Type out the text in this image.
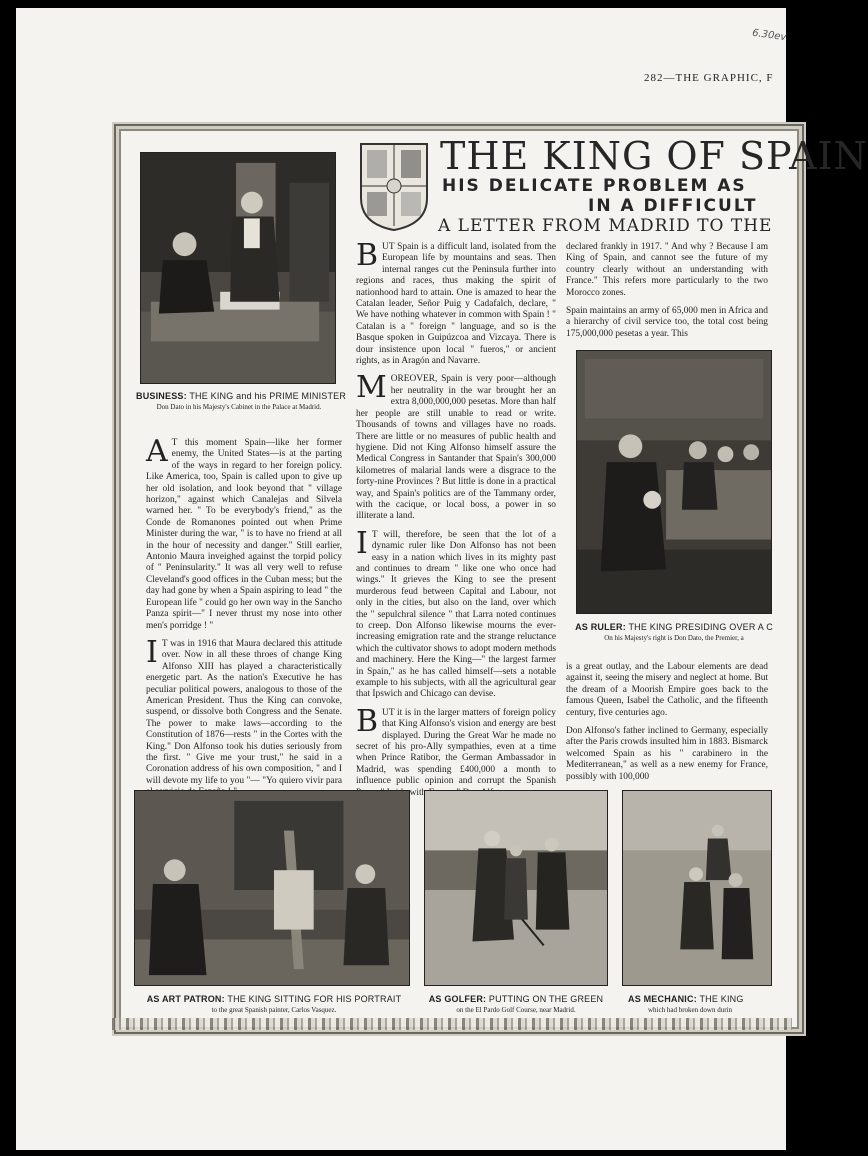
6.30ev
282—THE GRAPHIC, F
BUSINESS: THE KING and his PRIME MINISTER
Don Dato in his Majesty's Cabinet in the Palace at Madrid.
THE KING OF SPAIN
HIS DELICATE PROBLEM AS
IN A DIFFICULT
A LETTER FROM MADRID TO THE

A T this moment Spain—like her former enemy, the United States—is at the parting of the ways in regard to her foreign policy. Like America, too, Spain is called upon to give up her old isolation, and look beyond that " village horizon," against which Canalejas and Silvela warned her. " To be everybody's friend," as the Conde de Romanones pointed out when Prime Minister during the war, " is to have no friend at all in the hour of necessity and danger." Still earlier, Antonio Maura inveighed against the torpid policy of " Peninsularity." It was all very well to refuse Cleveland's good offices in the Cuban mess; but the day had gone by when a Spain aspiring to lead " the European life " could go her own way in the Sancho Panza spirit—" I never thrust my nose into other men's porridge ! "

I T was in 1916 that Maura declared this attitude over. Now in all these throes of change King Alfonso XIII has played a characteristically energetic part. As the nation's Executive he has peculiar political powers, analogous to those of the American President. Thus the King can convoke, suspend, or dissolve both Congress and the Senate. The power to make laws—according to the Constitution of 1876—rests " in the Cortes with the King." Don Alfonso took his duties seriously from the first. " Give me your trust," he said in a Coronation address of his own composition, " and I will devote my life to you "— "Yo quiero vivir para

BUT Spain is a difficult land, isolated from the European life by mountains and seas. Then internal ranges cut the Peninsula further into regions and races, thus making the spirit of nationhood hard to attain. One is amazed to hear the Catalan leader, Señor Puig y Cadafalch, declare, " We have nothing whatever in common with Spain ! " Catalan is a " foreign " language, and so is the Basque spoken in Guipúzcoa and Vizcaya. There is dour insistence upon local " fueros," or ancient rights, as in Aragón and Navarre.

MOREOVER, Spain is very poor—although her neutrality in the war brought her an extra 8,000,000,000 pesetas. More than half her people are still unable to read or write. Thousands of towns and villages have no roads. There are little or no measures of public health and hygiene. Did not King Alfonso himself assure the Medical Congress in Santander that Spain's 300,000 kilometres of malarial lands were a disgrace to the forty-nine Provinces ? But little is done in a practical way, and Spain's politics are of the Tammany order, with the cacique, or local boss, a power in so illiterate a land.

I T will, therefore, be seen that the lot of a dynamic ruler like Don Alfonso has not been easy in a nation which lives in its mighty past and continues to dream " like one who once had wings." It grieves the King to see the present murderous feud between Capital and Labour, not only in the cities, but also on the land, over which the " sepulchral silence " that Larra noted continues to creep. Don Alfonso likewise mourns the ever-increasing emigration rate and the strange reluctance which the cultivator shows to adopt modern methods and machinery. Here the King—" the largest farmer in Spain," as he has called himself—sets a notable example to his subjects, with all the agricultural gear that Ipswich and Chicago can devise.

BUT it is in the larger matters of foreign policy that King Alfonso's vision and energy are best displayed. During the Great War he made no secret of his pro-Ally sympathies, even at a time when Prince Ratibor, the German Ambassador in Madrid, was spending £400,000 a month to influence public opinion and corrupt the Spanish with

declared frankly in 1917. " And why ? Because I am King of Spain, and cannot see the future of my country clearly without an understanding with France." This refers more particularly to the two Morocco zones.

Spain maintains an army of 65,000 men in Africa and a hierarchy of civil service too, the total cost being 175,000,000 pesetas a year. This

AS RULER: THE KING PRESIDING OVER A C
On his Majesty's right is Don Dato, the Premier, a

is a great outlay, and the Labour elements are dead against it, seeing the misery and neglect at home. But the dream of a Moorish Empire goes back to the famous Queen, Isabel the Catholic, and the fifteenth century, five centuries ago.

Don Alfonso's father inclined to Germany, especially after the Paris crowds insulted him in 1883. Bismarck welcomed Spain as his " carabinero in the Mediterranean," as well as a new enemy for France, possibly with 100,000

AS ART PATRON: THE KING SITTING FOR HIS PORTRAIT
to the great Spanish painter, Carlos Vasquez.
AS GOLFER: PUTTING ON THE GREEN
on the El Pardo Golf Course, near Madrid.
AS MECHANIC: THE KING
which had broken down durin
